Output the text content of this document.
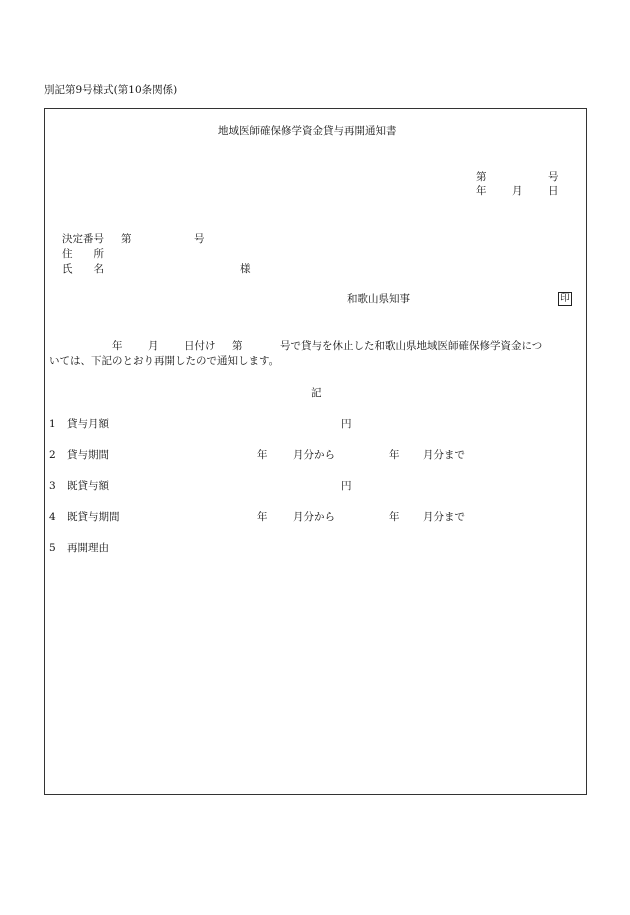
別記第9号様式(第10条関係)
地域医師確保修学資金貸与再開通知書
第	号
年 月 日
決定番号 第	号
住　　所
氏　　名	様
和歌山県知事	印
年 月 日付け 第	号で貸与を休止した和歌山県地域医師確保修学資金につ
いては、下記のとおり再開したので通知します。
記
1 貸与月額	円
2 貸与期間	年 月分から	年 月分まで
3 既貸与額	円
4 既貸与期間	年 月分から	年 月分まで
5 再開理由
